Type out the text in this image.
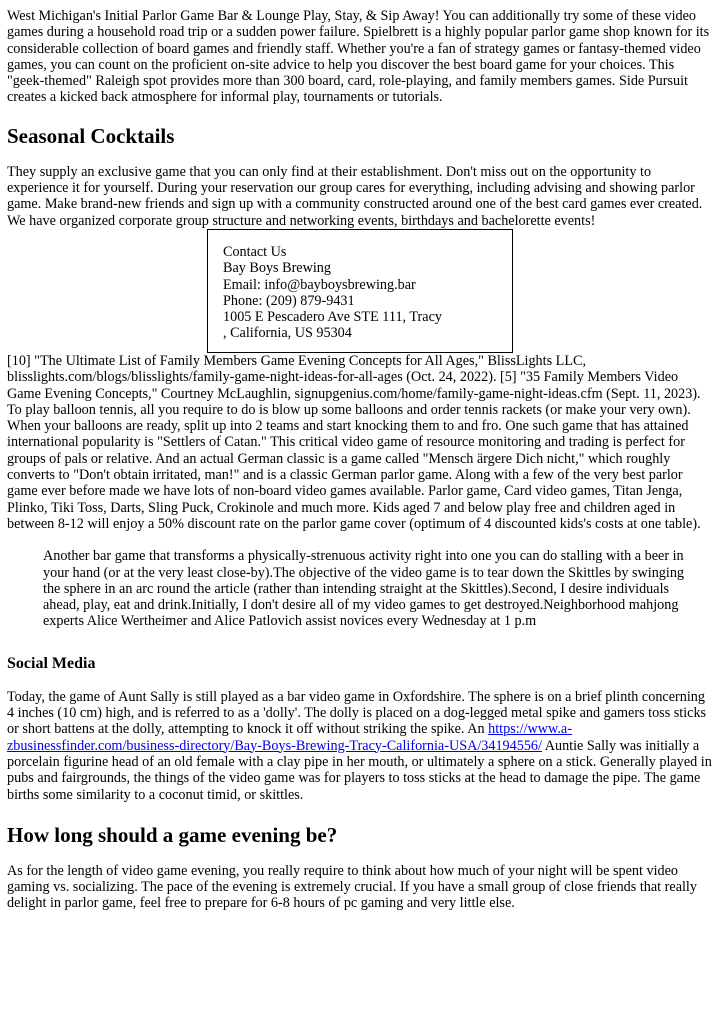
West Michigan's Initial Parlor Game Bar & Lounge Play, Stay, & Sip Away! You can additionally try some of these video games during a household road trip or a sudden power failure. Spielbrett is a highly popular parlor game shop known for its considerable collection of board games and friendly staff. Whether you're a fan of strategy games or fantasy-themed video games, you can count on the proficient on-site advice to help you discover the best board game for your choices. This "geek-themed" Raleigh spot provides more than 300 board, card, role-playing, and family members games. Side Pursuit creates a kicked back atmosphere for informal play, tournaments or tutorials.

Seasonal Cocktails

They supply an exclusive game that you can only find at their establishment. Don't miss out on the opportunity to experience it for yourself. During your reservation our group cares for everything, including advising and showing parlor game. Make brand-new friends and sign up with a community constructed around one of the best card games ever created. We have organized corporate group structure and networking events, birthdays and bachelorette events!

Contact Us
Bay Boys Brewing
Email: info@bayboysbrewing.bar
Phone: (209) 879-9431
1005 E Pescadero Ave STE 111, Tracy
, California, US 95304

[10] "The Ultimate List of Family Members Game Evening Concepts for All Ages," BlissLights LLC, blisslights.com/blogs/blisslights/family-game-night-ideas-for-all-ages (Oct. 24, 2022). [5] "35 Family Members Video Game Evening Concepts," Courtney McLaughlin, signupgenius.com/home/family-game-night-ideas.cfm (Sept. 11, 2023). To play balloon tennis, all you require to do is blow up some balloons and order tennis rackets (or make your very own). When your balloons are ready, split up into 2 teams and start knocking them to and fro. One such game that has attained international popularity is "Settlers of Catan." This critical video game of resource monitoring and trading is perfect for groups of pals or relative. And an actual German classic is a game called "Mensch ärgere Dich nicht," which roughly converts to "Don't obtain irritated, man!" and is a classic German parlor game. Along with a few of the very best parlor game ever before made we have lots of non-board video games available. Parlor game, Card video games, Titan Jenga, Plinko, Tiki Toss, Darts, Sling Puck, Crokinole and much more. Kids aged 7 and below play free and children aged in between 8-12 will enjoy a 50% discount rate on the parlor game cover (optimum of 4 discounted kids's costs at one table).

Another bar game that transforms a physically-strenuous activity right into one you can do stalling with a beer in your hand (or at the very least close-by).The objective of the video game is to tear down the Skittles by swinging the sphere in an arc round the article (rather than intending straight at the Skittles).Second, I desire individuals ahead, play, eat and drink.Initially, I don't desire all of my video games to get destroyed.Neighborhood mahjong experts Alice Wertheimer and Alice Patlovich assist novices every Wednesday at 1 p.m
Social Media

Today, the game of Aunt Sally is still played as a bar video game in Oxfordshire. The sphere is on a brief plinth concerning 4 inches (10 cm) high, and is referred to as a 'dolly'. The dolly is placed on a dog-legged metal spike and gamers toss sticks or short battens at the dolly, attempting to knock it off without striking the spike. An https://www.a-zbusinessfinder.com/business-directory/Bay-Boys-Brewing-Tracy-California-USA/34194556/ Auntie Sally was initially a porcelain figurine head of an old female with a clay pipe in her mouth, or ultimately a sphere on a stick. Generally played in pubs and fairgrounds, the things of the video game was for players to toss sticks at the head to damage the pipe. The game births some similarity to a coconut timid, or skittles.

How long should a game evening be?

As for the length of video game evening, you really require to think about how much of your night will be spent video gaming vs. socializing. The pace of the evening is extremely crucial. If you have a small group of close friends that really delight in parlor game, feel free to prepare for 6-8 hours of pc gaming and very little else.
